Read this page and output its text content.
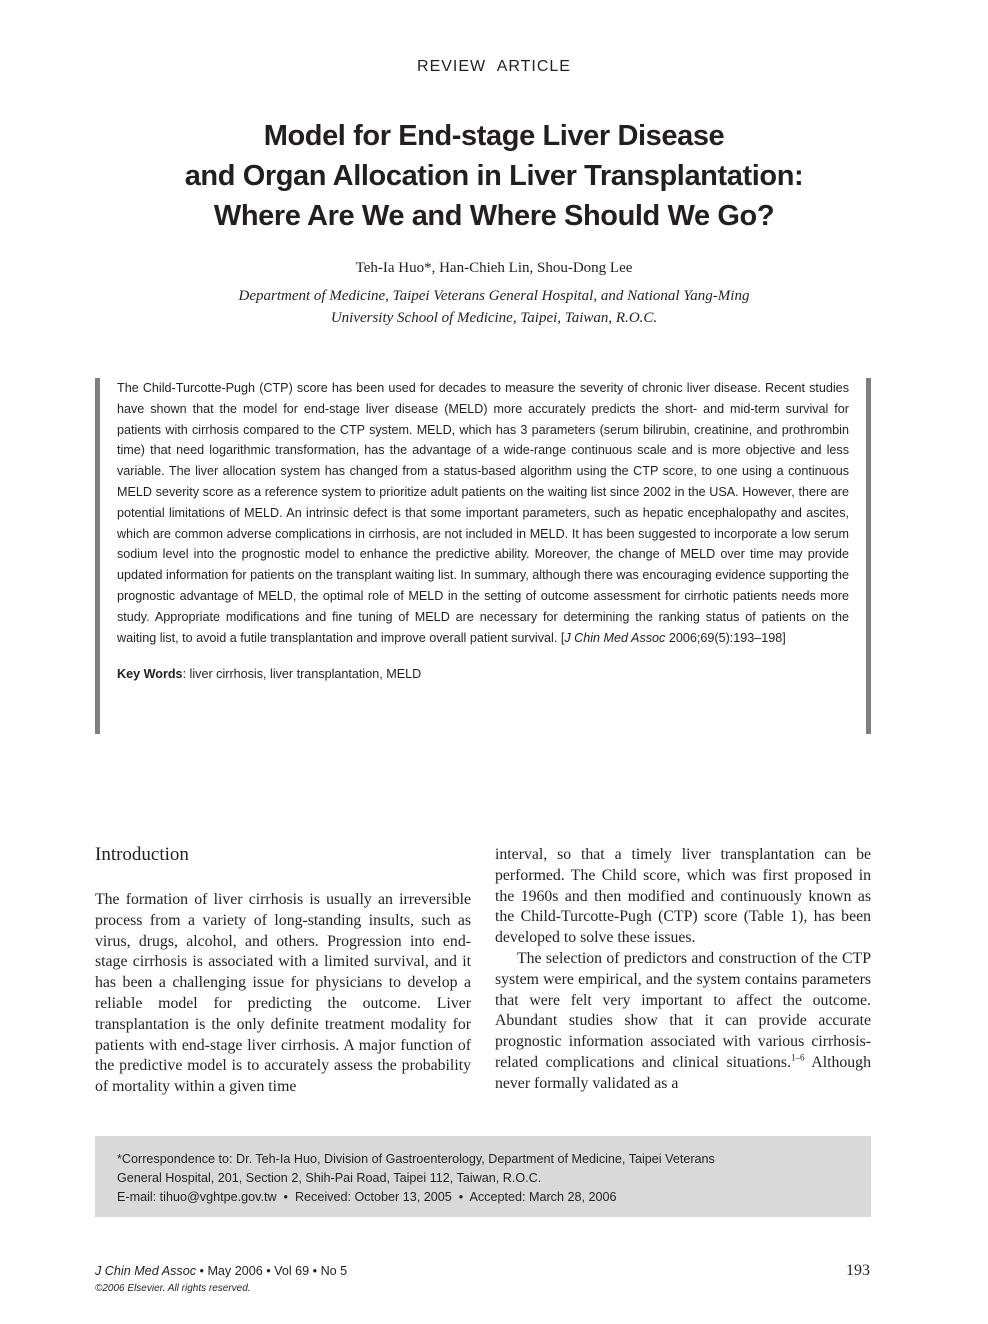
REVIEW ARTICLE
Model for End-stage Liver Disease
and Organ Allocation in Liver Transplantation:
Where Are We and Where Should We Go?
Teh-Ia Huo*, Han-Chieh Lin, Shou-Dong Lee
Department of Medicine, Taipei Veterans General Hospital, and National Yang-Ming
University School of Medicine, Taipei, Taiwan, R.O.C.

The Child-Turcotte-Pugh (CTP) score has been used for decades to measure the severity of chronic liver disease. Recent studies have shown that the model for end-stage liver disease (MELD) more accurately predicts the short- and mid-term survival for patients with cirrhosis compared to the CTP system. MELD, which has 3 parameters (serum bilirubin, creatinine, and prothrombin time) that need logarithmic transformation, has the advantage of a wide-range continuous scale and is more objective and less variable. The liver allocation system has changed from a status-based algorithm using the CTP score, to one using a continuous MELD severity score as a reference system to prioritize adult patients on the waiting list since 2002 in the USA. However, there are potential limitations of MELD. An intrinsic defect is that some important parameters, such as hepatic encephalopathy and ascites, which are common adverse complications in cirrhosis, are not included in MELD. It has been suggested to incorporate a low serum sodium level into the prognostic model to enhance the predictive ability. Moreover, the change of MELD over time may provide updated information for patients on the transplant waiting list. In summary, although there was encouraging evidence supporting the prognostic advantage of MELD, the optimal role of MELD in the setting of outcome assessment for cirrhotic patients needs more study. Appropriate modifications and fine tuning of MELD are necessary for determining the ranking status of patients on the waiting list, to avoid a futile transplantation and improve overall patient survival. [J Chin Med Assoc 2006;69(5):193–198]

Key Words: liver cirrhosis, liver transplantation, MELD
Introduction

The formation of liver cirrhosis is usually an irreversible process from a variety of long-standing insults, such as virus, drugs, alcohol, and others. Progression into end-stage cirrhosis is associated with a limited survival, and it has been a challenging issue for physicians to develop a reliable model for predicting the outcome. Liver transplantation is the only definite treatment modality for patients with end-stage liver cirrhosis. A major function of the predictive model is to accurately assess the probability of mortality within a given time

interval, so that a timely liver transplantation can be performed. The Child score, which was first proposed in the 1960s and then modified and continuously known as the Child-Turcotte-Pugh (CTP) score (Table 1), has been developed to solve these issues.

The selection of predictors and construction of the CTP system were empirical, and the system contains parameters that were felt very important to affect the outcome. Abundant studies show that it can provide accurate prognostic information associated with various cirrhosis-related complications and clinical situations.$^{1-6}$ Although never formally validated as a

*Correspondence to: Dr. Teh-Ia Huo, Division of Gastroenterology, Department of Medicine, Taipei Veterans
General Hospital, 201, Section 2, Shih-Pai Road, Taipei 112, Taiwan, R.O.C.
E-mail: tihuo@vghtpe.gov.tw  •  Received: October 13, 2005  •  Accepted: March 28, 2006
J Chin Med Assoc • May 2006 • Vol 69 • No 5
©2006 Elsevier. All rights reserved.
193
